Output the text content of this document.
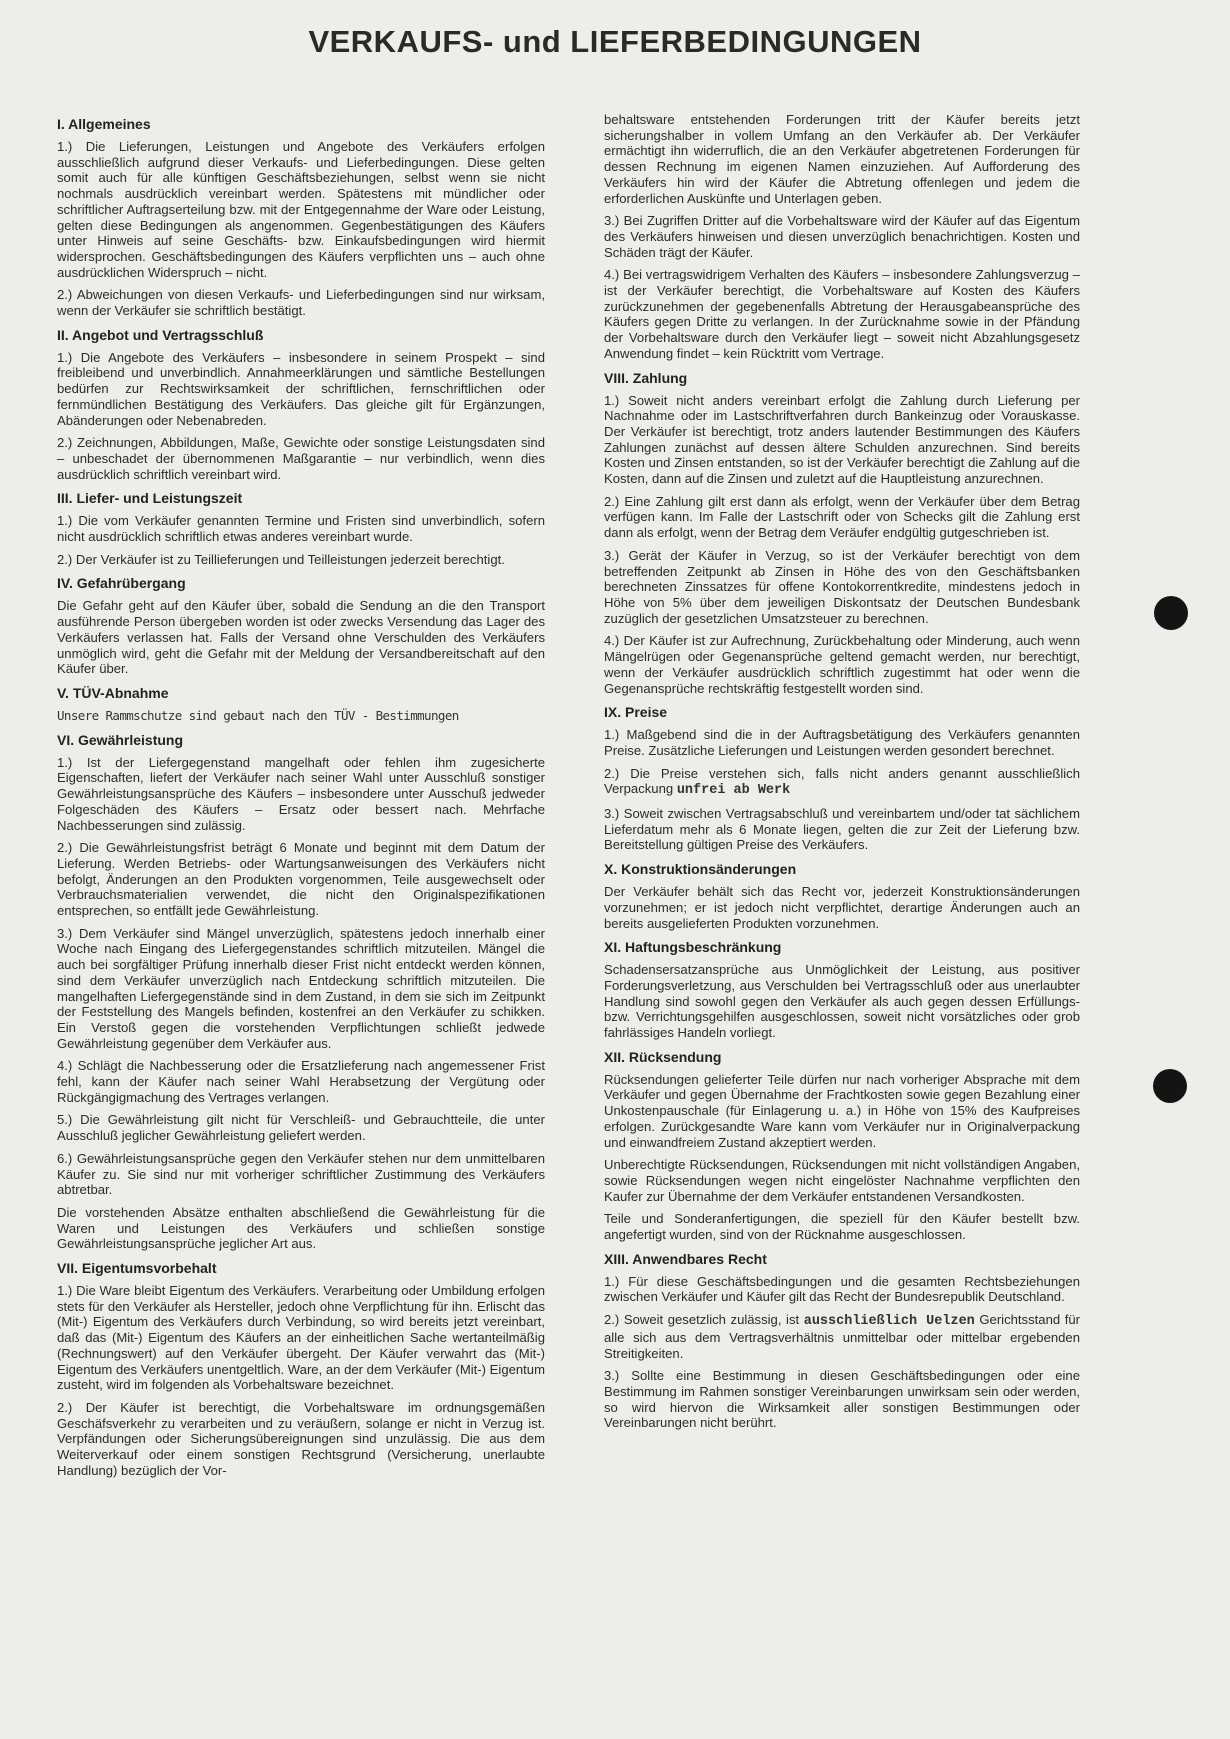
VERKAUFS- und LIEFERBEDINGUNGEN
I. Allgemeines

1.) Die Lieferungen, Leistungen und Angebote des Verkäufers erfolgen ausschließlich aufgrund dieser Verkaufs- und Lieferbedingungen. Diese gelten somit auch für alle künftigen Geschäftsbeziehungen, selbst wenn sie nicht nochmals ausdrücklich vereinbart werden. Spätestens mit mündlicher oder schriftlicher Auftragserteilung bzw. mit der Entgegennahme der Ware oder Leistung, gelten diese Bedingungen als angenommen. Gegenbestätigungen des Käufers unter Hinweis auf seine Geschäfts- bzw. Einkaufsbedingungen wird hiermit widersprochen. Geschäftsbedingungen des Käufers verpflichten uns – auch ohne ausdrücklichen Widerspruch – nicht.

2.) Abweichungen von diesen Verkaufs- und Lieferbedingungen sind nur wirksam, wenn der Verkäufer sie schriftlich bestätigt.

II. Angebot und Vertragsschluß

1.) Die Angebote des Verkäufers – insbesondere in seinem Prospekt – sind freibleibend und unverbindlich. Annahmeerklärungen und sämtliche Bestellungen bedürfen zur Rechtswirksamkeit der schriftlichen, fernschriftlichen oder fernmündlichen Bestätigung des Verkäufers. Das gleiche gilt für Ergänzungen, Abänderungen oder Nebenabreden.

2.) Zeichnungen, Abbildungen, Maße, Gewichte oder sonstige Leistungsdaten sind – unbeschadet der übernommenen Maßgarantie – nur verbindlich, wenn dies ausdrücklich schriftlich vereinbart wird.

III. Liefer- und Leistungszeit

1.) Die vom Verkäufer genannten Termine und Fristen sind unverbindlich, sofern nicht ausdrücklich schriftlich etwas anderes vereinbart wurde.

2.) Der Verkäufer ist zu Teillieferungen und Teilleistungen jederzeit berechtigt.

IV. Gefahrübergang

Die Gefahr geht auf den Käufer über, sobald die Sendung an die den Transport ausführende Person übergeben worden ist oder zwecks Versendung das Lager des Verkäufers verlassen hat. Falls der Versand ohne Verschulden des Verkäufers unmöglich wird, geht die Gefahr mit der Meldung der Versandbereitschaft auf den Käufer über.

V. TÜV-Abnahme

Unsere Rammschutze sind gebaut nach den TÜV - Bestimmungen

VI. Gewährleistung

1.) Ist der Liefergegenstand mangelhaft oder fehlen ihm zugesicherte Eigenschaften, liefert der Verkäufer nach seiner Wahl unter Ausschluß sonstiger Gewährleistungsansprüche des Käufers – insbesondere unter Ausschuß jedweder Folgeschäden des Käufers – Ersatz oder bessert nach. Mehrfache Nachbesserungen sind zulässig.

2.) Die Gewährleistungsfrist beträgt 6 Monate und beginnt mit dem Datum der Lieferung. Werden Betriebs- oder Wartungsanweisungen des Verkäufers nicht befolgt, Änderungen an den Produkten vorgenommen, Teile ausgewechselt oder Verbrauchsmaterialien verwendet, die nicht den Originalspezifikationen entsprechen, so entfällt jede Gewährleistung.

3.) Dem Verkäufer sind Mängel unverzüglich, spätestens jedoch innerhalb einer Woche nach Eingang des Liefergegenstandes schriftlich mitzuteilen. Mängel die auch bei sorgfältiger Prüfung innerhalb dieser Frist nicht entdeckt werden können, sind dem Verkäufer unverzüglich nach Entdeckung schriftlich mitzuteilen. Die mangelhaften Liefergegenstände sind in dem Zustand, in dem sie sich im Zeitpunkt der Feststellung des Mangels befinden, kostenfrei an den Verkäufer zu schikken. Ein Verstoß gegen die vorstehenden Verpflichtungen schließt jedwede Gewährleistung gegenüber dem Verkäufer aus.

4.) Schlägt die Nachbesserung oder die Ersatzlieferung nach angemessener Frist fehl, kann der Käufer nach seiner Wahl Herabsetzung der Vergütung oder Rückgängigmachung des Vertrages verlangen.

5.) Die Gewährleistung gilt nicht für Verschleiß- und Gebrauchtteile, die unter Ausschluß jeglicher Gewährleistung geliefert werden.

6.) Gewährleistungsansprüche gegen den Verkäufer stehen nur dem unmittelbaren Käufer zu. Sie sind nur mit vorheriger schriftlicher Zustimmung des Verkäufers abtretbar.

Die vorstehenden Absätze enthalten abschließend die Gewährleistung für die Waren und Leistungen des Verkäufers und schließen sonstige Gewährleistungsansprüche jeglicher Art aus.

VII. Eigentumsvorbehalt

1.) Die Ware bleibt Eigentum des Verkäufers. Verarbeitung oder Umbildung erfolgen stets für den Verkäufer als Hersteller, jedoch ohne Verpflichtung für ihn. Erlischt das (Mit-) Eigentum des Verkäufers durch Verbindung, so wird bereits jetzt vereinbart, daß das (Mit-) Eigentum des Käufers an der einheitlichen Sache wertanteilmäßig (Rechnungswert) auf den Verkäufer übergeht. Der Käufer verwahrt das (Mit-) Eigentum des Verkäufers unentgeltlich. Ware, an der dem Verkäufer (Mit-) Eigentum zusteht, wird im folgenden als Vorbehaltsware bezeichnet.

2.) Der Käufer ist berechtigt, die Vorbehaltsware im ordnungsgemäßen Geschäfsverkehr zu verarbeiten und zu veräußern, solange er nicht in Verzug ist. Verpfändungen oder Sicherungsübereignungen sind unzulässig. Die aus dem Weiterverkauf oder einem sonstigen Rechtsgrund (Versicherung, unerlaubte Handlung) bezüglich der Vor-

behaltsware entstehenden Forderungen tritt der Käufer bereits jetzt sicherungshalber in vollem Umfang an den Verkäufer ab. Der Verkäufer ermächtigt ihn widerruflich, die an den Verkäufer abgetretenen Forderungen für dessen Rechnung im eigenen Namen einzuziehen. Auf Aufforderung des Verkäufers hin wird der Käufer die Abtretung offenlegen und jedem die erforderlichen Auskünfte und Unterlagen geben.

3.) Bei Zugriffen Dritter auf die Vorbehaltsware wird der Käufer auf das Eigentum des Verkäufers hinweisen und diesen unverzüglich benachrichtigen. Kosten und Schäden trägt der Käufer.

4.) Bei vertragswidrigem Verhalten des Käufers – insbesondere Zahlungsverzug – ist der Verkäufer berechtigt, die Vorbehaltsware auf Kosten des Käufers zurückzunehmen der gegebenenfalls Abtretung der Herausgabeansprüche des Käufers gegen Dritte zu verlangen. In der Zurücknahme sowie in der Pfändung der Vorbehaltsware durch den Verkäufer liegt – soweit nicht Abzahlungsgesetz Anwendung findet – kein Rücktritt vom Vertrage.

VIII. Zahlung

1.) Soweit nicht anders vereinbart erfolgt die Zahlung durch Lieferung per Nachnahme oder im Lastschriftverfahren durch Bankeinzug oder Vorauskasse. Der Verkäufer ist berechtigt, trotz anders lautender Bestimmungen des Käufers Zahlungen zunächst auf dessen ältere Schulden anzurechnen. Sind bereits Kosten und Zinsen entstanden, so ist der Verkäufer berechtigt die Zahlung auf die Kosten, dann auf die Zinsen und zuletzt auf die Hauptleistung anzurechnen.

2.) Eine Zahlung gilt erst dann als erfolgt, wenn der Verkäufer über dem Betrag verfügen kann. Im Falle der Lastschrift oder von Schecks gilt die Zahlung erst dann als erfolgt, wenn der Betrag dem Veräufer endgültig gutgeschrieben ist.

3.) Gerät der Käufer in Verzug, so ist der Verkäufer berechtigt von dem betreffenden Zeitpunkt ab Zinsen in Höhe des von den Geschäftsbanken berechneten Zinssatzes für offene Kontokorrentkredite, mindestens jedoch in Höhe von 5% über dem jeweiligen Diskontsatz der Deutschen Bundesbank zuzüglich der gesetzlichen Umsatzsteuer zu berechnen.

4.) Der Käufer ist zur Aufrechnung, Zurückbehaltung oder Minderung, auch wenn Mängelrügen oder Gegenansprüche geltend gemacht werden, nur berechtigt, wenn der Verkäufer ausdrücklich schriftlich zugestimmt hat oder wenn die Gegenansprüche rechtskräftig festgestellt worden sind.

IX. Preise

1.) Maßgebend sind die in der Auftragsbetätigung des Verkäufers genannten Preise. Zusätzliche Lieferungen und Leistungen werden gesondert berechnet.

2.) Die Preise verstehen sich, falls nicht anders genannt ausschließlich Verpackung unfrei ab Werk

3.) Soweit zwischen Vertragsabschluß und vereinbartem und/oder tat sächlichem Lieferdatum mehr als 6 Monate liegen, gelten die zur Zeit der Lieferung bzw. Bereitstellung gültigen Preise des Verkäufers.

X. Konstruktionsänderungen

Der Verkäufer behält sich das Recht vor, jederzeit Konstruktionsänderungen vorzunehmen; er ist jedoch nicht verpflichtet, derartige Änderungen auch an bereits ausgelieferten Produkten vorzunehmen.

XI. Haftungsbeschränkung

Schadensersatzansprüche aus Unmöglichkeit der Leistung, aus positiver Forderungsverletzung, aus Verschulden bei Vertragsschluß oder aus unerlaubter Handlung sind sowohl gegen den Verkäufer als auch gegen dessen Erfüllungs- bzw. Verrichtungsgehilfen ausgeschlossen, soweit nicht vorsätzliches oder grob fahrlässiges Handeln vorliegt.

XII. Rücksendung

Rücksendungen gelieferter Teile dürfen nur nach vorheriger Absprache mit dem Verkäufer und gegen Übernahme der Frachtkosten sowie gegen Bezahlung einer Unkostenpauschale (für Einlagerung u. a.) in Höhe von 15% des Kaufpreises erfolgen. Zurückgesandte Ware kann vom Verkäufer nur in Originalverpackung und einwandfreiem Zustand akzeptiert werden.

Unberechtigte Rücksendungen, Rücksendungen mit nicht vollständigen Angaben, sowie Rücksendungen wegen nicht eingelöster Nachnahme verpflichten den Kaufer zur Übernahme der dem Verkäufer entstandenen Versandkosten.

Teile und Sonderanfertigungen, die speziell für den Käufer bestellt bzw. angefertigt wurden, sind von der Rücknahme ausgeschlossen.

XIII. Anwendbares Recht

1.) Für diese Geschäftsbedingungen und die gesamten Rechtsbeziehungen zwischen Verkäufer und Käufer gilt das Recht der Bundesrepublik Deutschland.

2.) Soweit gesetzlich zulässig, ist ausschließlich Uelzen Gerichtsstand für alle sich aus dem Vertragsverhältnis unmittelbar oder mittelbar ergebenden Streitigkeiten.

3.) Sollte eine Bestimmung in diesen Geschäftsbedingungen oder eine Bestimmung im Rahmen sonstiger Vereinbarungen unwirksam sein oder werden, so wird hiervon die Wirksamkeit aller sonstigen Bestimmungen oder Vereinbarungen nicht berührt.
